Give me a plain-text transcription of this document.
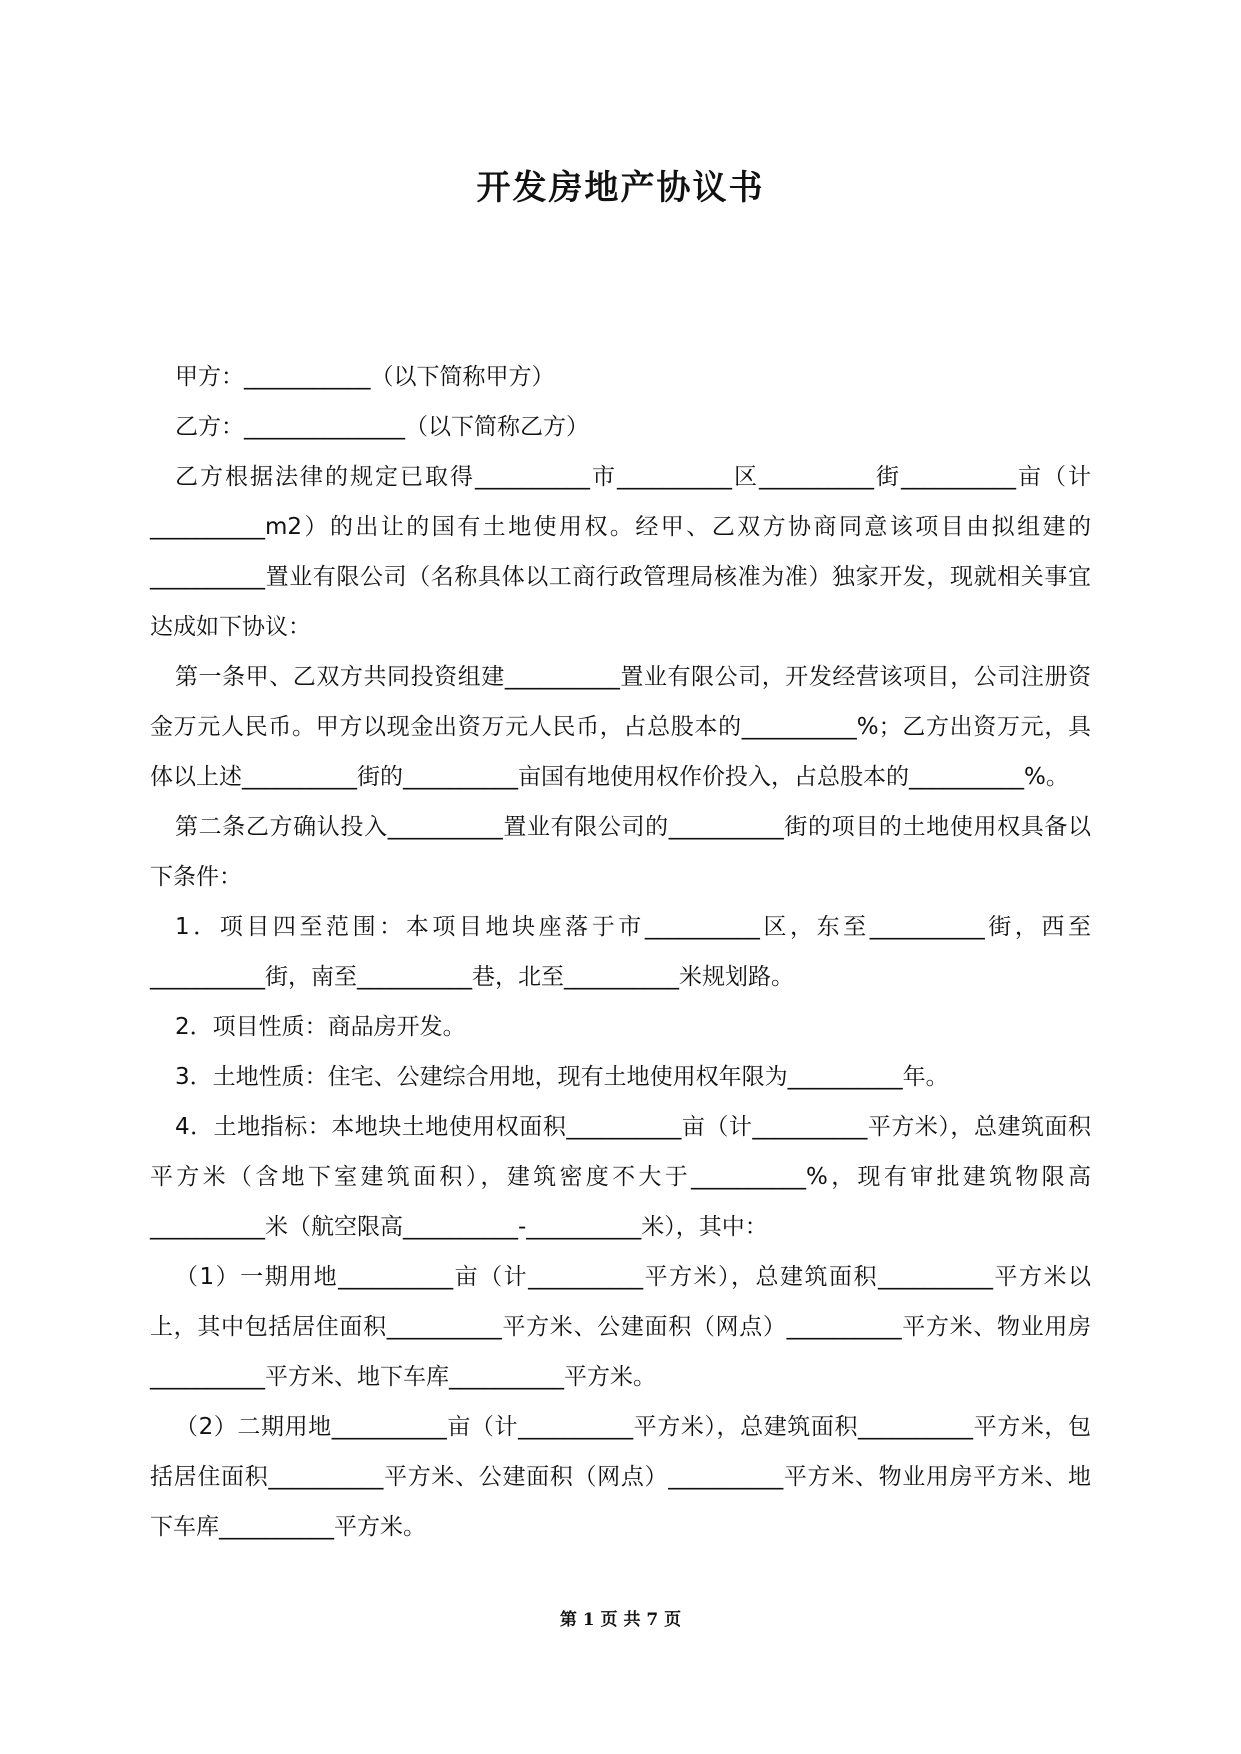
开发房地产协议书

甲方：___________（以下简称甲方）

乙方：______________（以下简称乙方）

乙方根据法律的规定已取得__________市__________区__________街__________亩（计__________m2）的出让的国有土地使用权。经甲、乙双方协商同意该项目由拟组建的__________置业有限公司（名称具体以工商行政管理局核准为准）独家开发，现就相关事宜达成如下协议：

第一条甲、乙双方共同投资组建__________置业有限公司，开发经营该项目，公司注册资金万元人民币。甲方以现金出资万元人民币，占总股本的__________%；乙方出资万元，具体以上述__________街的__________亩国有地使用权作价投入，占总股本的__________%。

第二条乙方确认投入__________置业有限公司的__________街的项目的土地使用权具备以下条件：

1．项目四至范围：本项目地块座落于市__________区，东至__________街，西至__________街，南至__________巷，北至__________米规划路。

2．项目性质：商品房开发。

3．土地性质：住宅、公建综合用地，现有土地使用权年限为__________年。

4．土地指标：本地块土地使用权面积__________亩（计__________平方米），总建筑面积平方米（含地下室建筑面积），建筑密度不大于__________%，现有审批建筑物限高__________米（航空限高__________-__________米），其中：

（1）一期用地__________亩（计__________平方米），总建筑面积__________平方米以上，其中包括居住面积__________平方米、公建面积（网点）__________平方米、物业用房__________平方米、地下车库__________平方米。

（2）二期用地__________亩（计__________平方米），总建筑面积__________平方米，包括居住面积__________平方米、公建面积（网点）__________平方米、物业用房平方米、地下车库__________平方米。

第 1 页 共 7 页
